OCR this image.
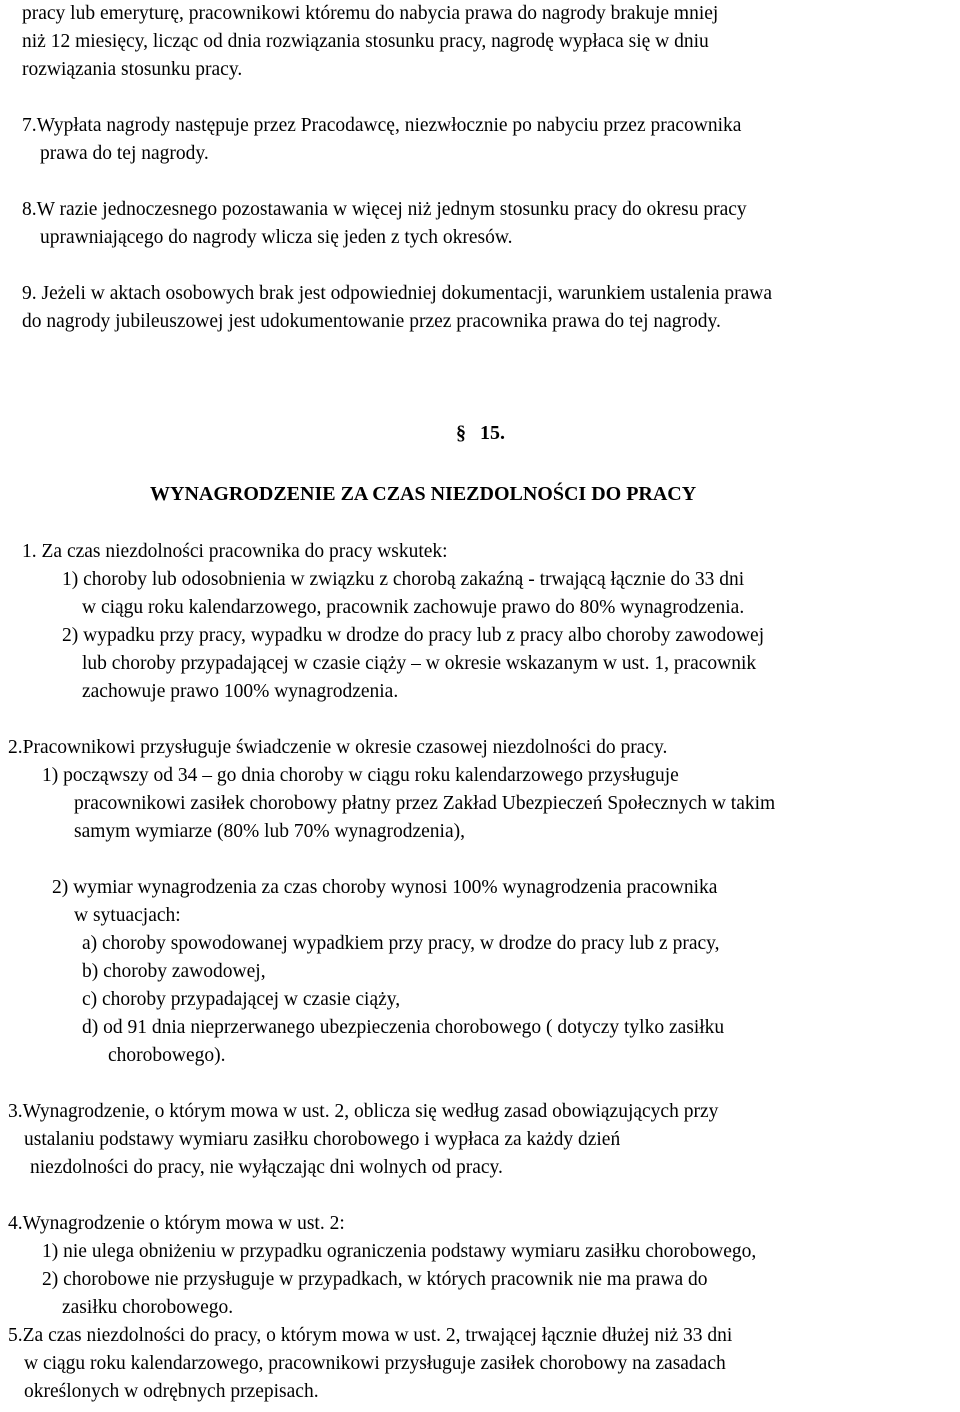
pracy lub emeryturę, pracownikowi któremu do nabycia prawa do nagrody brakuje mniej
niż 12 miesięcy, licząc od dnia rozwiązania stosunku pracy, nagrodę wypłaca się w dniu
rozwiązania stosunku pracy.
7.Wypłata nagrody następuje przez Pracodawcę, niezwłocznie po nabyciu przez pracownika
prawa do tej nagrody.
8.W razie jednoczesnego pozostawania w więcej niż jednym stosunku pracy do okresu pracy
uprawniającego do nagrody wlicza się jeden z tych okresów.
9. Jeżeli w aktach osobowych brak jest odpowiedniej dokumentacji, warunkiem ustalenia prawa
do nagrody jubileuszowej jest udokumentowanie przez pracownika prawa do tej nagrody.
§ 15.
WYNAGRODZENIE ZA CZAS NIEZDOLNOŚCI DO PRACY
1. Za czas niezdolności pracownika do pracy wskutek:
1) choroby lub odosobnienia w związku z chorobą zakaźną - trwającą łącznie do 33 dni
w ciągu roku kalendarzowego, pracownik zachowuje prawo do 80% wynagrodzenia.
2) wypadku przy pracy, wypadku w drodze do pracy lub z pracy albo choroby zawodowej
lub choroby przypadającej w czasie ciąży – w okresie wskazanym w ust. 1, pracownik
zachowuje prawo 100% wynagrodzenia.
2.Pracownikowi przysługuje świadczenie w okresie czasowej niezdolności do pracy.
1) począwszy od 34 – go dnia choroby w ciągu roku kalendarzowego przysługuje
pracownikowi zasiłek chorobowy płatny przez Zakład Ubezpieczeń Społecznych w takim
samym wymiarze (80% lub 70% wynagrodzenia),
2) wymiar wynagrodzenia za czas choroby wynosi 100% wynagrodzenia pracownika
w sytuacjach:
a) choroby spowodowanej wypadkiem przy pracy, w drodze do pracy lub z pracy,
b) choroby zawodowej,
c) choroby przypadającej w czasie ciąży,
d) od 91 dnia nieprzerwanego ubezpieczenia chorobowego ( dotyczy tylko zasiłku
chorobowego).
3.Wynagrodzenie, o którym mowa w ust. 2, oblicza się według zasad obowiązujących przy
ustalaniu podstawy wymiaru zasiłku chorobowego i wypłaca za każdy dzień
niezdolności do pracy, nie wyłączając dni wolnych od pracy.
4.Wynagrodzenie o którym mowa w ust. 2:
1) nie ulega obniżeniu w przypadku ograniczenia podstawy wymiaru zasiłku chorobowego,
2) chorobowe nie przysługuje w przypadkach, w których pracownik nie ma prawa do
zasiłku chorobowego.
5.Za czas niezdolności do pracy, o którym mowa w ust. 2, trwającej łącznie dłużej niż 33 dni
w ciągu roku kalendarzowego, pracownikowi przysługuje zasiłek chorobowy na zasadach
określonych w odrębnych przepisach.
